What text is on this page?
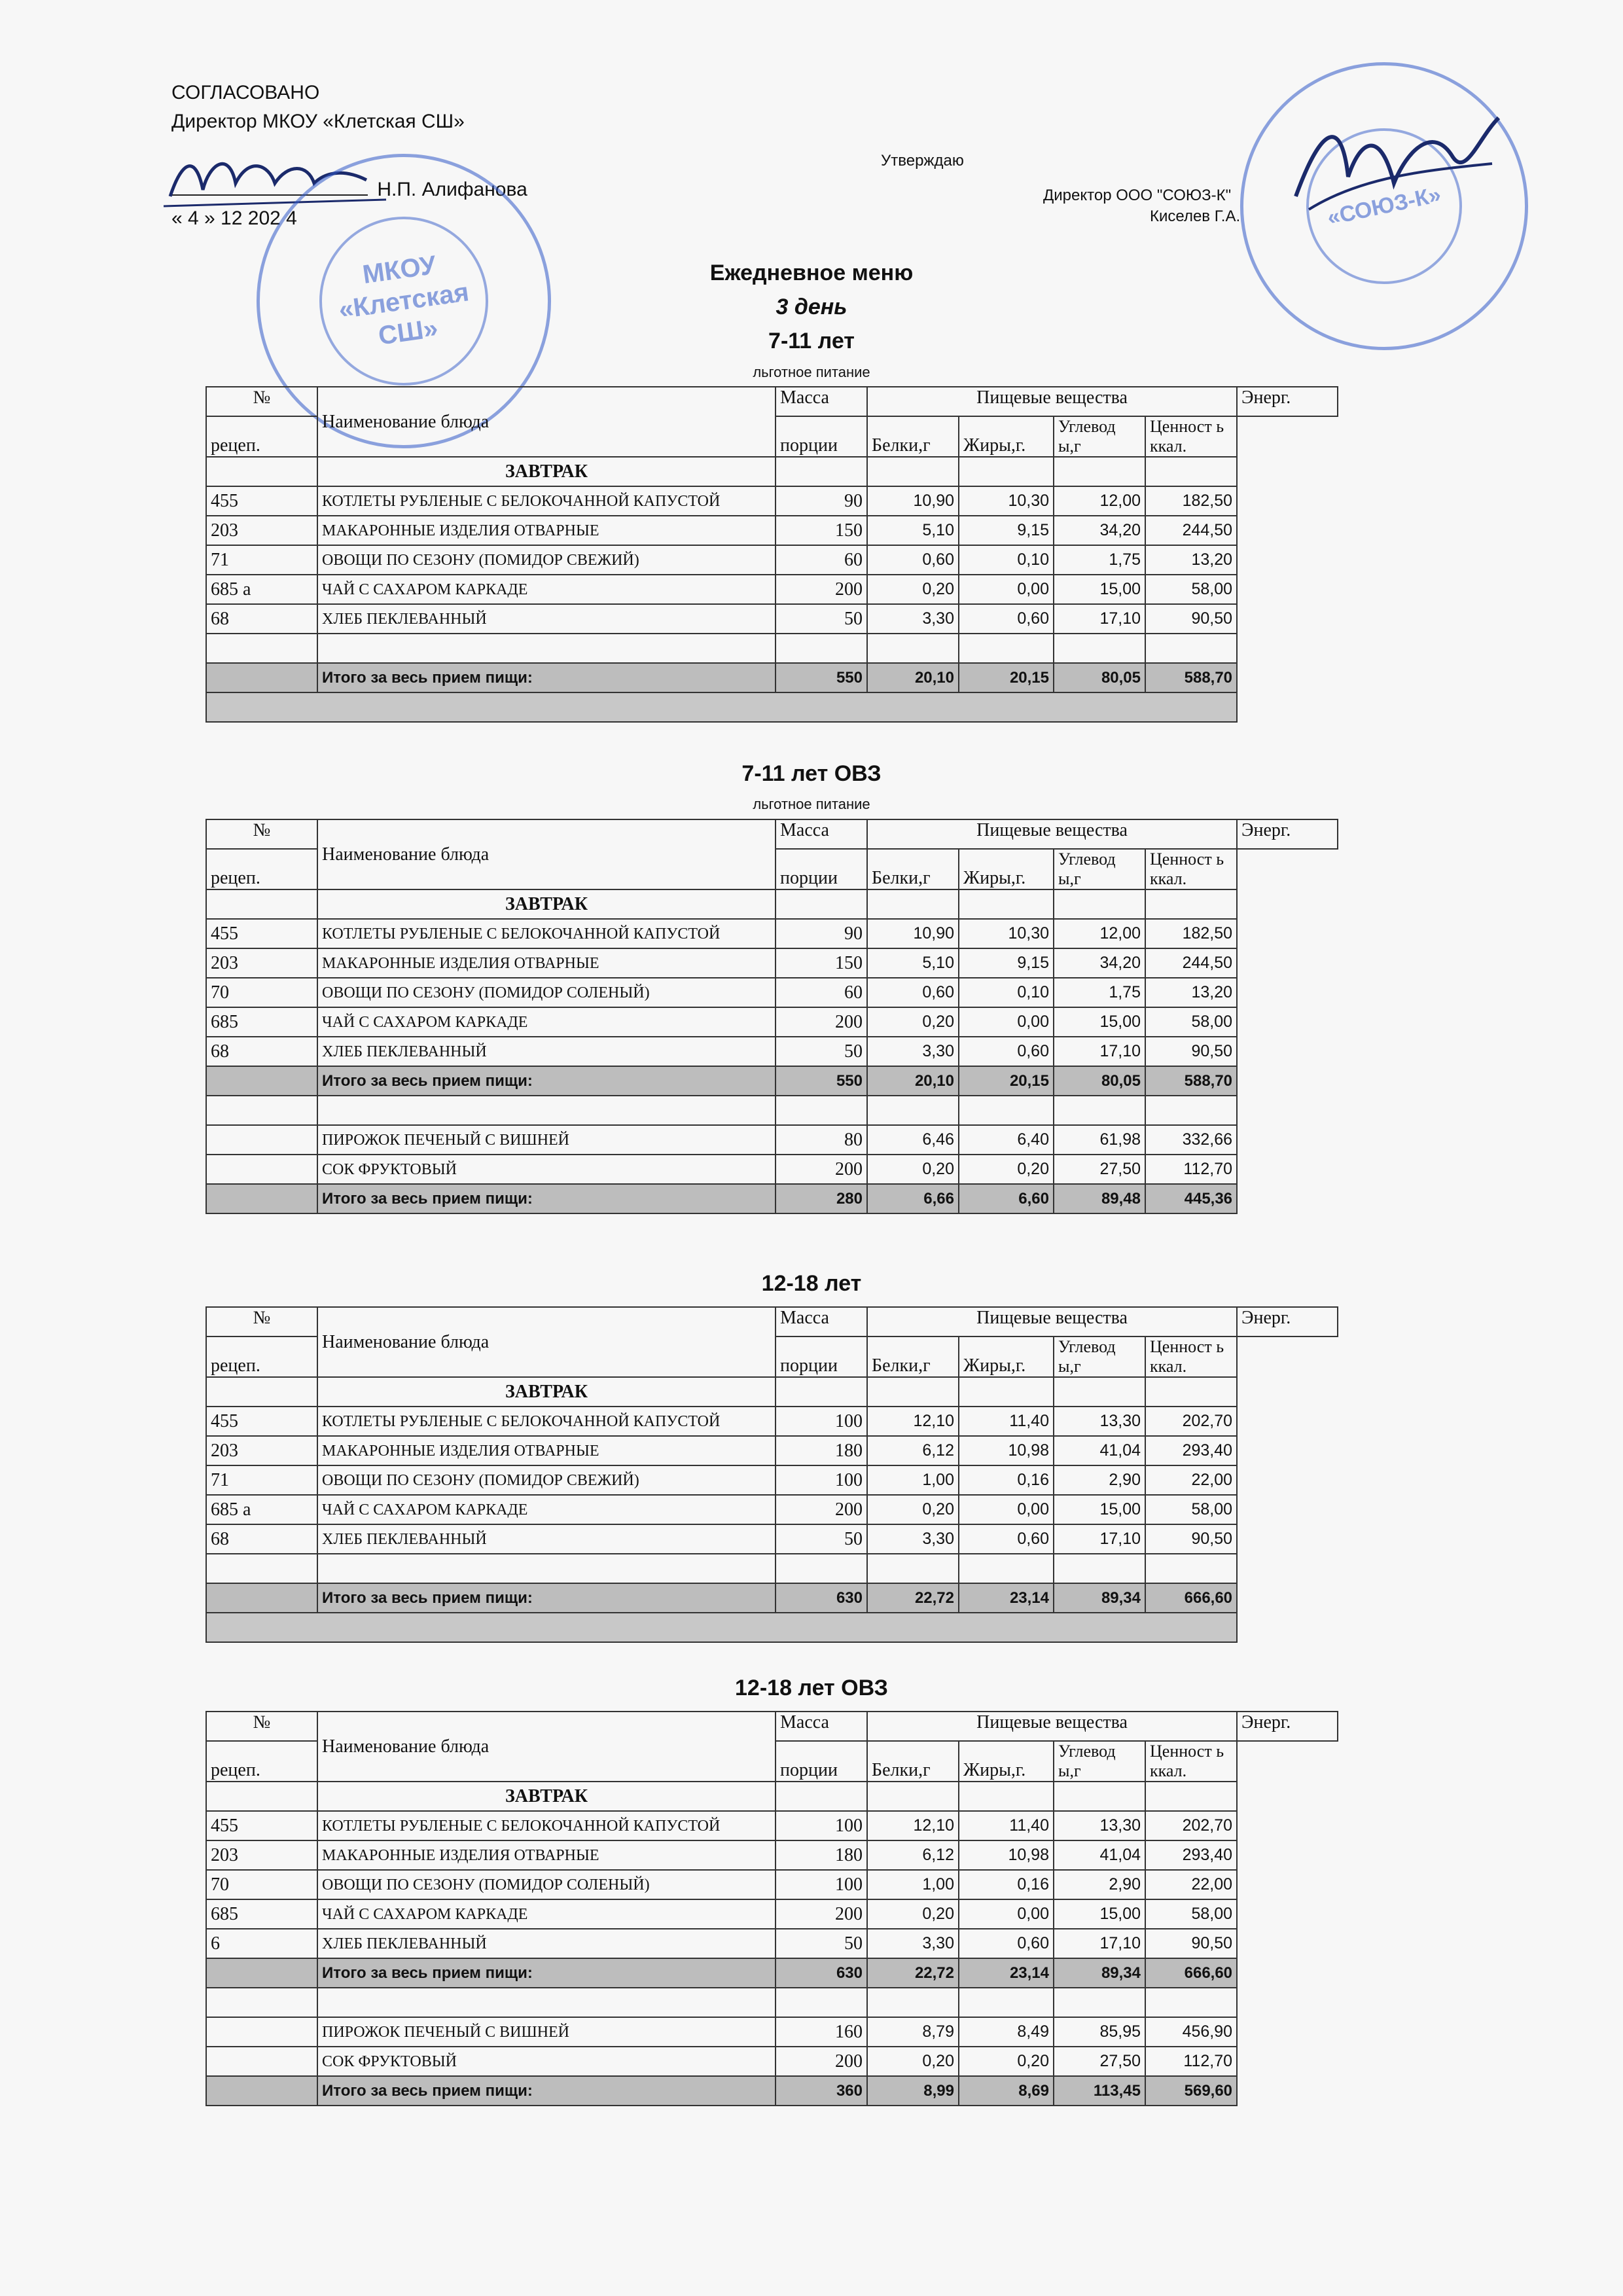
СОГЛАСОВАНО
Директор МКОУ «Клетская СШ»
Н.П. Алифанова
« 4 » 12 202 4
МКОУ «Клетская СШ»
Утверждаю
Директор ООО "СОЮЗ-К"
Киселев Г.А.	«СОЮЗ-К»
Ежедневное меню
3 день
7-11 лет
льготное питание
7-11 лет ОВЗ
льготное питание
12-18 лет
12-18 лет ОВЗ
№	Наименование блюда	Масса	Пищевые вещества				Энерг.
рецеп.		порции	Белки,г	Жиры,г.	Углевод ы,г	Ценност ь ккал.	
	ЗАВТРАК						
455	КОТЛЕТЫ РУБЛЕНЫЕ С БЕЛОКОЧАННОЙ КАПУСТОЙ	90	10,90	10,30	12,00	182,50	
203	МАКАРОННЫЕ ИЗДЕЛИЯ ОТВАРНЫЕ	150	5,10	9,15	34,20	244,50	
71	ОВОЩИ ПО СЕЗОНУ (ПОМИДОР СВЕЖИЙ)	60	0,60	0,10	1,75	13,20	
685 а	ЧАЙ С САХАРОМ КАРКАДЕ	200	0,20	0,00	15,00	58,00	
68	ХЛЕБ ПЕКЛЕВАННЫЙ	50	3,30	0,60	17,10	90,50	

	Итого за весь прием пищи:	550	20,10	20,15	80,05	588,70	

№	Наименование блюда	Масса	Пищевые вещества				Энерг.
рецеп.		порции	Белки,г	Жиры,г.	Углевод ы,г	Ценност ь ккал.	
	ЗАВТРАК						
455	КОТЛЕТЫ РУБЛЕНЫЕ С БЕЛОКОЧАННОЙ КАПУСТОЙ	90	10,90	10,30	12,00	182,50	
203	МАКАРОННЫЕ ИЗДЕЛИЯ ОТВАРНЫЕ	150	5,10	9,15	34,20	244,50	
70	ОВОЩИ ПО СЕЗОНУ (ПОМИДОР СОЛЕНЫЙ)	60	0,60	0,10	1,75	13,20	
685	ЧАЙ С САХАРОМ КАРКАДЕ	200	0,20	0,00	15,00	58,00	
68	ХЛЕБ ПЕКЛЕВАННЫЙ	50	3,30	0,60	17,10	90,50	
	Итого за весь прием пищи:	550	20,10	20,15	80,05	588,70	

	ПИРОЖОК ПЕЧЕНЫЙ С ВИШНЕЙ	80	6,46	6,40	61,98	332,66	
	СОК ФРУКТОВЫЙ	200	0,20	0,20	27,50	112,70	
	Итого за весь прием пищи:	280	6,66	6,60	89,48	445,36	
№	Наименование блюда	Масса	Пищевые вещества				Энерг.
рецеп.		порции	Белки,г	Жиры,г.	Углевод ы,г	Ценност ь ккал.	
	ЗАВТРАК						
455	КОТЛЕТЫ РУБЛЕНЫЕ С БЕЛОКОЧАННОЙ КАПУСТОЙ	100	12,10	11,40	13,30	202,70	
203	МАКАРОННЫЕ ИЗДЕЛИЯ ОТВАРНЫЕ	180	6,12	10,98	41,04	293,40	
71	ОВОЩИ ПО СЕЗОНУ (ПОМИДОР СВЕЖИЙ)	100	1,00	0,16	2,90	22,00	
685 а	ЧАЙ С САХАРОМ КАРКАДЕ	200	0,20	0,00	15,00	58,00	
68	ХЛЕБ ПЕКЛЕВАННЫЙ	50	3,30	0,60	17,10	90,50	

	Итого за весь прием пищи:	630	22,72	23,14	89,34	666,60	

№	Наименование блюда	Масса	Пищевые вещества				Энерг.
рецеп.		порции	Белки,г	Жиры,г.	Углевод ы,г	Ценност ь ккал.	
	ЗАВТРАК						
455	КОТЛЕТЫ РУБЛЕНЫЕ С БЕЛОКОЧАННОЙ КАПУСТОЙ	100	12,10	11,40	13,30	202,70	
203	МАКАРОННЫЕ ИЗДЕЛИЯ ОТВАРНЫЕ	180	6,12	10,98	41,04	293,40	
70	ОВОЩИ ПО СЕЗОНУ (ПОМИДОР СОЛЕНЫЙ)	100	1,00	0,16	2,90	22,00	
685	ЧАЙ С САХАРОМ КАРКАДЕ	200	0,20	0,00	15,00	58,00	
6	ХЛЕБ ПЕКЛЕВАННЫЙ	50	3,30	0,60	17,10	90,50	
	Итого за весь прием пищи:	630	22,72	23,14	89,34	666,60	

	ПИРОЖОК ПЕЧЕНЫЙ С ВИШНЕЙ	160	8,79	8,49	85,95	456,90	
	СОК ФРУКТОВЫЙ	200	0,20	0,20	27,50	112,70	
	Итого за весь прием пищи:	360	8,99	8,69	113,45	569,60	
